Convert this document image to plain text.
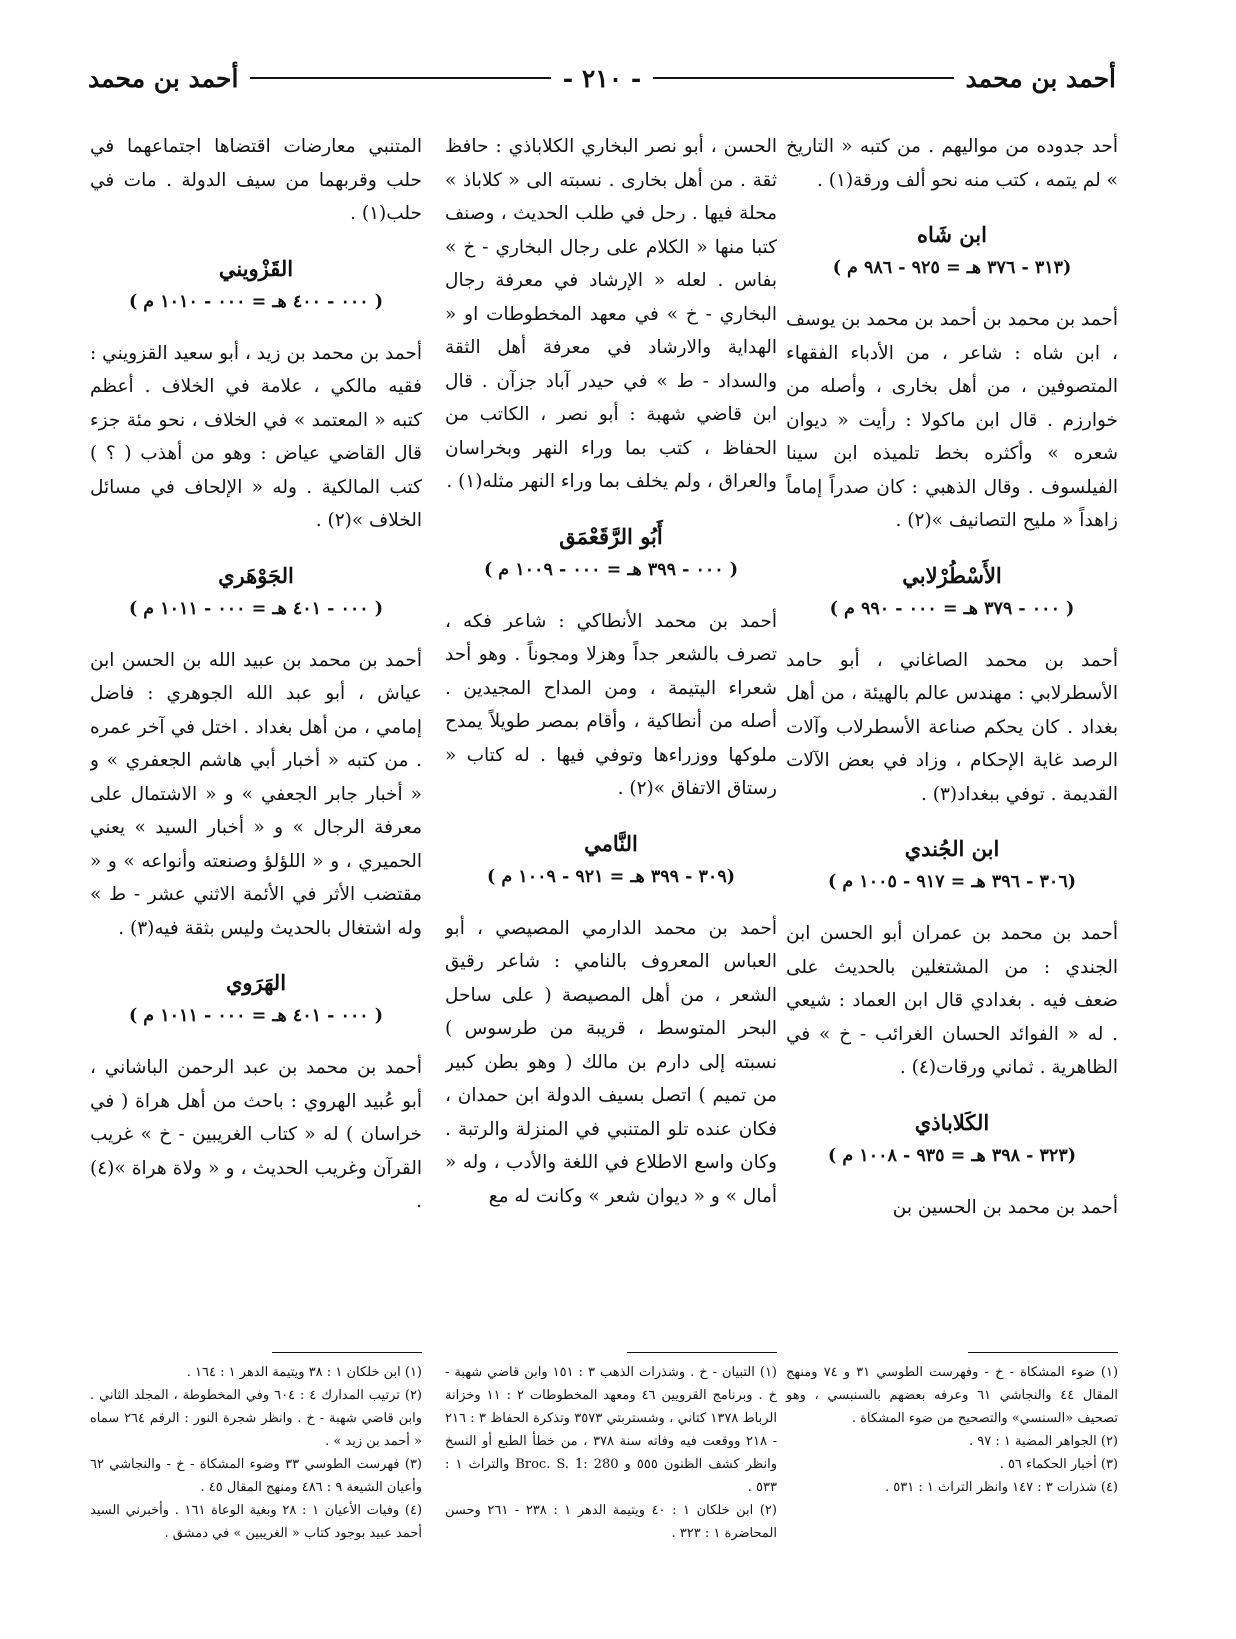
أحمد بن محمد
- ٢١٠ -
أحمد بن محمد

أحد جدوده من مواليهم . من كتبه « التاريخ » لم يتمه ، كتب منه نحو ألف ورقة(١) .

ابن شَاه
(٣١٣ - ٣٧٦ هـ = ٩٢٥ - ٩٨٦ م )

أحمد بن محمد بن أحمد بن محمد بن يوسف ، ابن شاه : شاعر ، من الأدباء الفقهاء المتصوفين ، من أهل بخارى ، وأصله من خوارزم . قال ابن ماكولا : رأيت « ديوان شعره » وأكثره بخط تلميذه ابن سينا الفيلسوف . وقال الذهبي : كان صدراً إماماً زاهداً « مليح التصانيف »(٢) .

الأَسْطُرْلابي
( ٠٠٠ - ٣٧٩ هـ = ٠٠٠ - ٩٩٠ م )

أحمد بن محمد الصاغاني ، أبو حامد الأسطرلابي : مهندس عالم بالهيئة ، من أهل بغداد . كان يحكم صناعة الأسطرلاب وآلات الرصد غاية الإحكام ، وزاد في بعض الآلات القديمة . توفي ببغداد(٣) .

ابن الجُندي
(٣٠٦ - ٣٩٦ هـ = ٩١٧ - ١٠٠٥ م )

أحمد بن محمد بن عمران أبو الحسن ابن الجندي : من المشتغلين بالحديث على ضعف فيه . بغدادي قال ابن العماد : شيعي . له « الفوائد الحسان الغرائب - خ » في الظاهرية . ثماني ورقات(٤) .

الكَلاباذي
(٣٢٣ - ٣٩٨ هـ = ٩٣٥ - ١٠٠٨ م )

أحمد بن محمد بن الحسين بن

الحسن ، أبو نصر البخاري الكلاباذي : حافظ ثقة . من أهل بخارى . نسبته الى « كلاباذ » محلة فيها . رحل في طلب الحديث ، وصنف كتبا منها « الكلام على رجال البخاري - خ » بفاس . لعله « الإرشاد في معرفة رجال البخاري - خ » في معهد المخطوطات او « الهداية والارشاد في معرفة أهل الثقة والسداد - ط » في حيدر آباد جزآن . قال ابن قاضي شهبة : أبو نصر ، الكاتب من الحفاظ ، كتب بما وراء النهر وبخراسان والعراق ، ولم يخلف بما وراء النهر مثله(١) .

أَبُو الرَّقَعْمَق
( ٠٠٠ - ٣٩٩ هـ = ٠٠٠ - ١٠٠٩ م )

أحمد بن محمد الأنطاكي : شاعر فكه ، تصرف بالشعر جداً وهزلا ومجوناً . وهو أحد شعراء اليتيمة ، ومن المداح المجيدين . أصله من أنطاكية ، وأقام بمصر طويلاً يمدح ملوكها ووزراءها وتوفي فيها . له كتاب « رستاق الاتفاق »(٢) .

النَّامي
(٣٠٩ - ٣٩٩ هـ = ٩٢١ - ١٠٠٩ م )

أحمد بن محمد الدارمي المصيصي ، أبو العباس المعروف بالنامي : شاعر رقيق الشعر ، من أهل المصيصة ( على ساحل البحر المتوسط ، قريبة من طرسوس ) نسبته إلى دارم بن مالك ( وهو بطن كبير من تميم ) اتصل بسيف الدولة ابن حمدان ، فكان عنده تلو المتنبي في المنزلة والرتبة . وكان واسع الاطلاع في اللغة والأدب ، وله « أمال » و « ديوان شعر » وكانت له مع

المتنبي معارضات اقتضاها اجتماعهما في حلب وقربهما من سيف الدولة . مات في حلب(١) .

القَزْويني
( ٠٠٠ - ٤٠٠ هـ = ٠٠٠ - ١٠١٠ م )

أحمد بن محمد بن زيد ، أبو سعيد القزويني : فقيه مالكي ، علامة في الخلاف . أعظم كتبه « المعتمد » في الخلاف ، نحو مئة جزء قال القاضي عياض : وهو من أهذب ( ؟ ) كتب المالكية . وله « الإلحاف في مسائل الخلاف »(٢) .

الجَوْهَري
( ٠٠٠ - ٤٠١ هـ = ٠٠٠ - ١٠١١ م )

أحمد بن محمد بن عبيد الله بن الحسن ابن عياش ، أبو عبد الله الجوهري : فاضل إمامي ، من أهل بغداد . اختل في آخر عمره . من كتبه « أخبار أبي هاشم الجعفري » و « أخبار جابر الجعفي » و « الاشتمال على معرفة الرجال » و « أخبار السيد » يعني الحميري ، و « اللؤلؤ وصنعته وأنواعه » و « مقتضب الأثر في الأئمة الاثني عشر - ط » وله اشتغال بالحديث وليس بثقة فيه(٣) .

الهَرَوي
( ٠٠٠ - ٤٠١ هـ = ٠٠٠ - ١٠١١ م )

أحمد بن محمد بن عبد الرحمن الباشاني ، أبو عُبيد الهروي : باحث من أهل هراة ( في خراسان ) له « كتاب الغريبين - خ » غريب القرآن وغريب الحديث ، و « ولاة هراة »(٤) .

(١) ضوء المشكاة - خ - وفهرست الطوسي ٣١ و ٧٤ ومنهج المقال ٤٤ والنجاشي ٦١ وعرفه بعضهم بالسنبسي ، وهو تصحيف «السنسي» والتصحيح من ضوء المشكاة .

(٢) الجواهر المضية ١ : ٩٧ .

(٣) أخبار الحكماء ٥٦ .

(٤) شذرات ٣ : ١٤٧ وانظر التراث ١ : ٥٣١ .

(١) التبيان - خ . وشذرات الذهب ٣ : ١٥١ وابن قاضي شهبة - خ . وبرنامج القرويين ٤٦ ومعهد المخطوطات ٢ : ١١ وخزانة الرباط ١٣٧٨ كتاني ، وشستربتي ٣٥٧٣ وتذكرة الحفاظ ٣ : ٢١٦ - ٢١٨ ووقعت فيه وفاته سنة ٣٧٨ ، من خطأ الطبع أو النسخ وانظر كشف الظنون ٥٥٥ و Broc. S. 1: 280 والتراث ١ : ٥٣٣ .

(٢) ابن خلكان ١ : ٤٠ ويتيمة الدهر ١ : ٢٣٨ - ٢٦١ وحسن المحاضرة ١ : ٣٢٣ .

(١) ابن خلكان ١ : ٣٨ ويتيمة الدهر ١ : ١٦٤ .

(٢) ترتيب المدارك ٤ : ٦٠٤ وفي المخطوطة ، المجلد الثاني . وابن قاضي شهبة - خ . وانظر شجرة النور : الرقم ٢٦٤ سماه « أحمد بن زيد » .

(٣) فهرست الطوسي ٣٣ وضوء المشكاة - خ - والنجاشي ٦٢ وأعيان الشيعة ٩ : ٤٨٦ ومنهج المقال ٤٥ .

(٤) وفيات الأعيان ١ : ٢٨ وبغية الوعاة ١٦١ . وأخبرني السيد أحمد عبيد بوجود كتاب « الغريبين » في دمشق .
